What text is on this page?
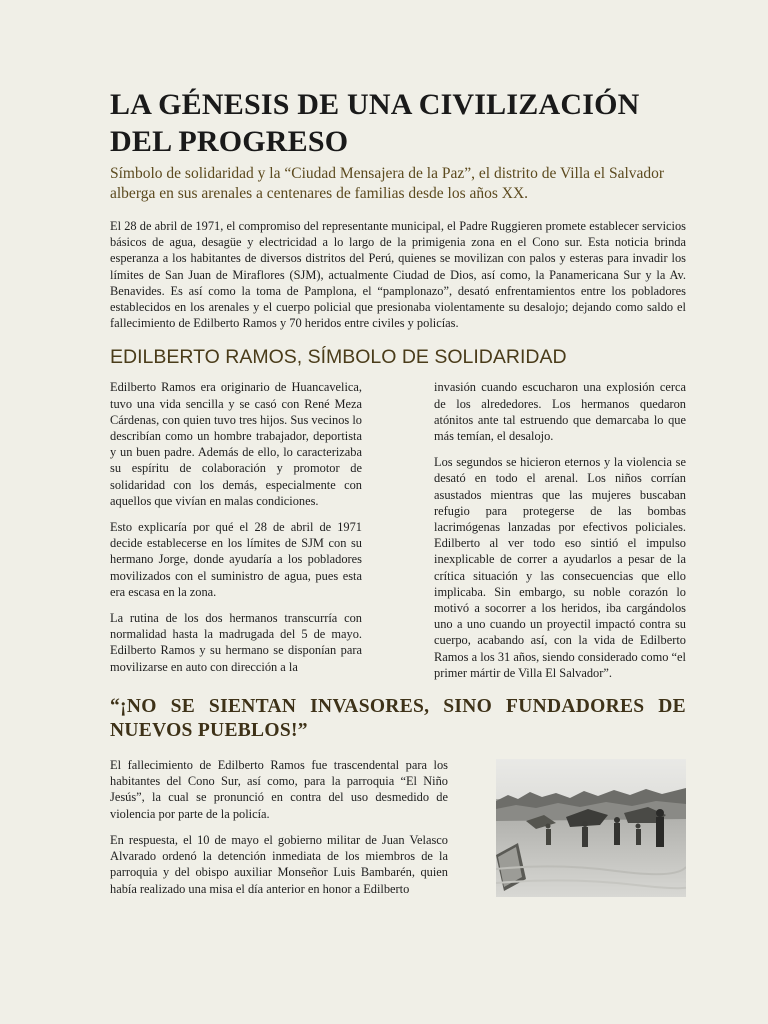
LA GÉNESIS DE UNA CIVILIZACIÓN DEL PROGRESO

Símbolo de solidaridad y la “Ciudad Mensajera de la Paz”, el distrito de Villa el Salvador alberga en sus arenales a centenares de familias desde los años XX.

El 28 de abril de 1971, el compromiso del representante municipal, el Padre Ruggieren promete establecer servicios básicos de agua, desagüe y electricidad a lo largo de la primigenia zona en el Cono sur. Esta noticia brinda esperanza a los habitantes de diversos distritos del Perú, quienes se movilizan con palos y esteras para invadir los límites de San Juan de Miraflores (SJM), actualmente Ciudad de Dios, así como, la Panamericana Sur y la Av. Benavides. Es así como la toma de Pamplona, el “pamplonazo”, desató enfrentamientos entre los pobladores establecidos en los arenales y el cuerpo policial que presionaba violentamente su desalojo; dejando como saldo el fallecimiento de Edilberto Ramos y 70 heridos entre civiles y policías.

EDILBERTO RAMOS, SÍMBOLO DE SOLIDARIDAD

Edilberto Ramos era originario de Huancavelica, tuvo una vida sencilla y se casó con René Meza Cárdenas, con quien tuvo tres hijos. Sus vecinos lo describían como un hombre trabajador, deportista y un buen padre. Además de ello, lo caracterizaba su espíritu de colaboración y promotor de solidaridad con los demás, especialmente con aquellos que vivían en malas condiciones.

Esto explicaría por qué el 28 de abril de 1971 decide establecerse en los límites de SJM con su hermano Jorge, donde ayudaría a los pobladores movilizados con el suministro de agua, pues esta era escasa en la zona.

La rutina de los dos hermanos transcurría con normalidad hasta la madrugada del 5 de mayo. Edilberto Ramos y su hermano se disponían para movilizarse en auto con dirección a la

invasión cuando escucharon una explosión cerca de los alrededores. Los hermanos quedaron atónitos ante tal estruendo que demarcaba lo que más temían, el desalojo.

Los segundos se hicieron eternos y la violencia se desató en todo el arenal. Los niños corrían asustados mientras que las mujeres buscaban refugio para protegerse de las bombas lacrimógenas lanzadas por efectivos policiales. Edilberto al ver todo eso sintió el impulso inexplicable de correr a ayudarlos a pesar de la crítica situación y las consecuencias que ello implicaba. Sin embargo, su noble corazón lo motivó a socorrer a los heridos, iba cargándolos uno a uno cuando un proyectil impactó contra su cuerpo, acabando así, con la vida de Edilberto Ramos a los 31 años, siendo considerado como “el primer mártir de Villa El Salvador”.

“¡NO SE SIENTAN INVASORES, SINO FUNDADORES DE NUEVOS PUEBLOS!”

El fallecimiento de Edilberto Ramos fue trascendental para los habitantes del Cono Sur, así como, para la parroquia “El Niño Jesús”, la cual se pronunció en contra del uso desmedido de violencia por parte de la policía.

En respuesta, el 10 de mayo el gobierno militar de Juan Velasco Alvarado ordenó la detención inmediata de los miembros de la parroquia y del obispo auxiliar Monseñor Luis Bambarén, quien había realizado una misa el día anterior en honor a Edilberto
